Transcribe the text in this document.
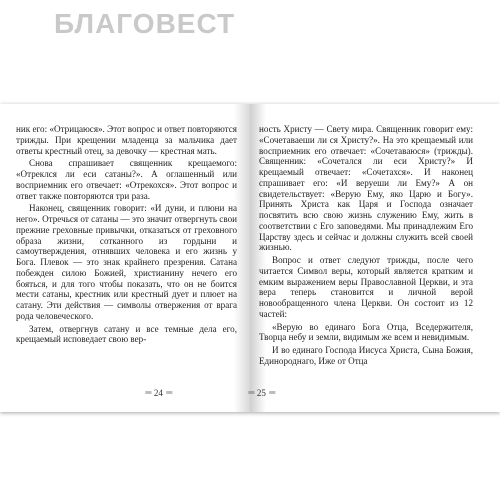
БЛАГОВЕСТ

ник его: «Отрицаюся». Этот вопрос и ответ повторяются трижды. При крещении младенца за мальчика дает ответы крестный отец, за девочку — крестная мать.

Снова спрашивает священник крещаемого: «Отреклся ли еси сатаны?». А оглашенный или восприемник его отвечает: «Отрекохся». Этот вопрос и ответ также повторяются три раза.

Наконец, священник говорит: «И дуни, и плюни на него». Отречься от сатаны — это значит отвергнуть свои прежние греховные привычки, отказаться от греховного образа жизни, сотканного из гордыни и самоутверждения, отнявших человека и его жизнь у Бога. Плевок — это знак крайнего презрения. Сатана побежден силою Божией, христианину нечего его бояться, и для того чтобы показать, что он не боится мести сатаны, крестник или крестный дует и плюет на сатану. Эти действия — символы отвержения от врага рода человеческого.

Затем, отвергнув сатану и все темные дела его, крещаемый исповедает свою вер-

≡≡ 24 ≡≡

ность Христу — Свету мира. Священник говорит ему: «Сочетаваеши ли ся Христу?». На это крещаемый или восприемник его отвечает: «Сочетаваюся» (трижды). Священник: «Сочетался ли еси Христу?» И крещаемый отвечает: «Сочетахся». И наконец спрашивает его: «И веруеши ли Ему?» А он свидетельствует: «Верую Ему, яко Царю и Богу». Принять Христа как Царя и Господа означает посвятить всю свою жизнь служению Ему, жить в соответствии с Его заповедями. Мы принадлежим Его Царству здесь и сейчас и должны служить всей своей жизнью.

Вопрос и ответ следуют трижды, после чего читается Символ веры, который является кратким и емким выражением веры Православной Церкви, и эта вера теперь становится и личной верой новообращенного члена Церкви. Он состоит из 12 частей:

«Верую во единаго Бога Отца, Вседержителя, Творца небу и земли, видимым же всем и невидимым.

И во единаго Господа Иисуса Христа, Сына Божия, Единороднаго, Иже от Отца

≡≡ 25 ≡≡
